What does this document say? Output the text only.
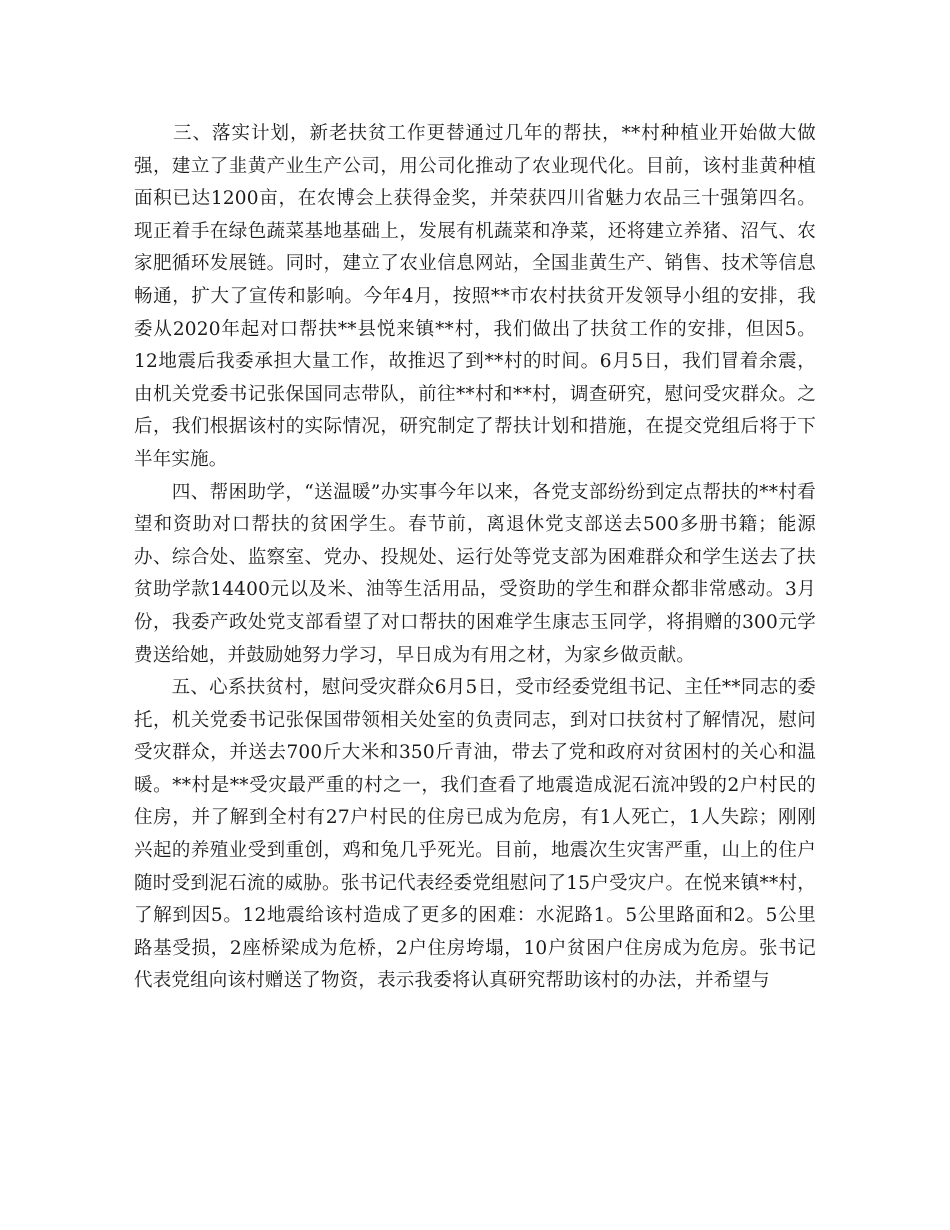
　　三、落实计划，新老扶贫工作更替通过几年的帮扶，**村种植业开始做大做强，建立了韭黄产业生产公司，用公司化推动了农业现代化。目前，该村韭黄种植面积已达1200亩，在农博会上获得金奖，并荣获四川省魅力农品三十强第四名。现正着手在绿色蔬菜基地基础上，发展有机蔬菜和净菜，还将建立养猪、沼气、农家肥循环发展链。同时，建立了农业信息网站，全国韭黄生产、销售、技术等信息畅通，扩大了宣传和影响。今年4月，按照**市农村扶贫开发领导小组的安排，我委从2020年起对口帮扶**县悦来镇**村，我们做出了扶贫工作的安排，但因5。12地震后我委承担大量工作，故推迟了到**村的时间。6月5日，我们冒着余震，由机关党委书记张保国同志带队，前往**村和**村，调查研究，慰问受灾群众。之后，我们根据该村的实际情况，研究制定了帮扶计划和措施，在提交党组后将于下半年实施。

　　四、帮困助学，“送温暖”办实事今年以来，各党支部纷纷到定点帮扶的**村看望和资助对口帮扶的贫困学生。春节前，离退休党支部送去500多册书籍；能源办、综合处、监察室、党办、投规处、运行处等党支部为困难群众和学生送去了扶贫助学款14400元以及米、油等生活用品，受资助的学生和群众都非常感动。3月份，我委产政处党支部看望了对口帮扶的困难学生康志玉同学，将捐赠的300元学费送给她，并鼓励她努力学习，早日成为有用之材，为家乡做贡献。

　　五、心系扶贫村，慰问受灾群众6月5日，受市经委党组书记、主任**同志的委托，机关党委书记张保国带领相关处室的负责同志，到对口扶贫村了解情况，慰问受灾群众，并送去700斤大米和350斤青油，带去了党和政府对贫困村的关心和温暖。**村是**受灾最严重的村之一，我们查看了地震造成泥石流冲毁的2户村民的住房，并了解到全村有27户村民的住房已成为危房，有1人死亡，1人失踪；刚刚兴起的养殖业受到重创，鸡和兔几乎死光。目前，地震次生灾害严重，山上的住户随时受到泥石流的威胁。张书记代表经委党组慰问了15户受灾户。在悦来镇**村，了解到因5。12地震给该村造成了更多的困难：水泥路1。5公里路面和2。5公里路基受损，2座桥梁成为危桥，2户住房垮塌，10户贫困户住房成为危房。张书记代表党组向该村赠送了物资，表示我委将认真研究帮助该村的办法，并希望与
